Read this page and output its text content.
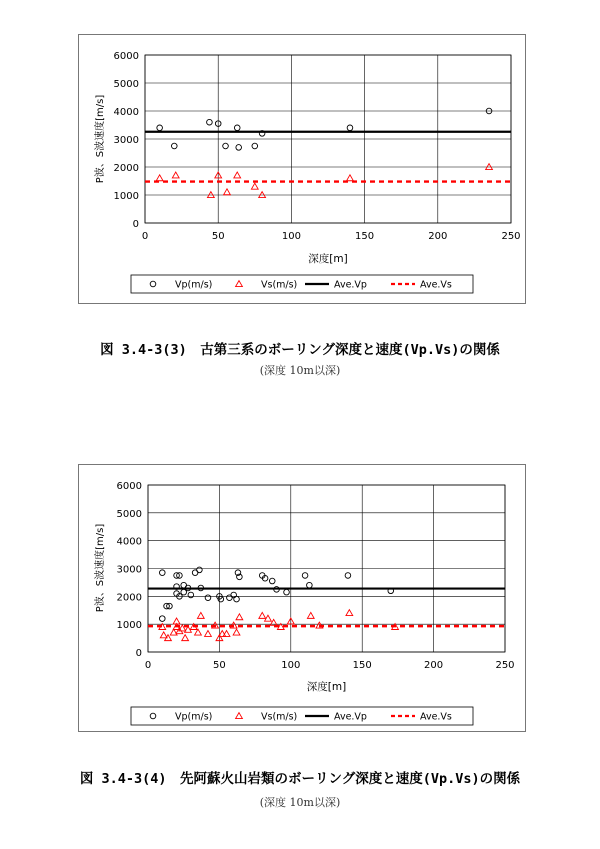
0
1000
2000
3000
4000
5000
6000
0	50	100	150	200	250
深度[m]
P波、S波速度[m/s]
Vp(m/s)	Vs(m/s)	Ave.Vp	Ave.Vs
図 3.4-3(3)　古第三系のボーリング深度と速度(Vp.Vs)の関係
(深度 10m以深)
0
1000
2000
3000
4000
5000
6000
0	50	100	150	200	250
深度[m]
P波、S波速度[m/s]
Vp(m/s)	Vs(m/s)	Ave.Vp	Ave.Vs
図 3.4-3(4)　先阿蘇火山岩類のボーリング深度と速度(Vp.Vs)の関係
(深度 10m以深)
